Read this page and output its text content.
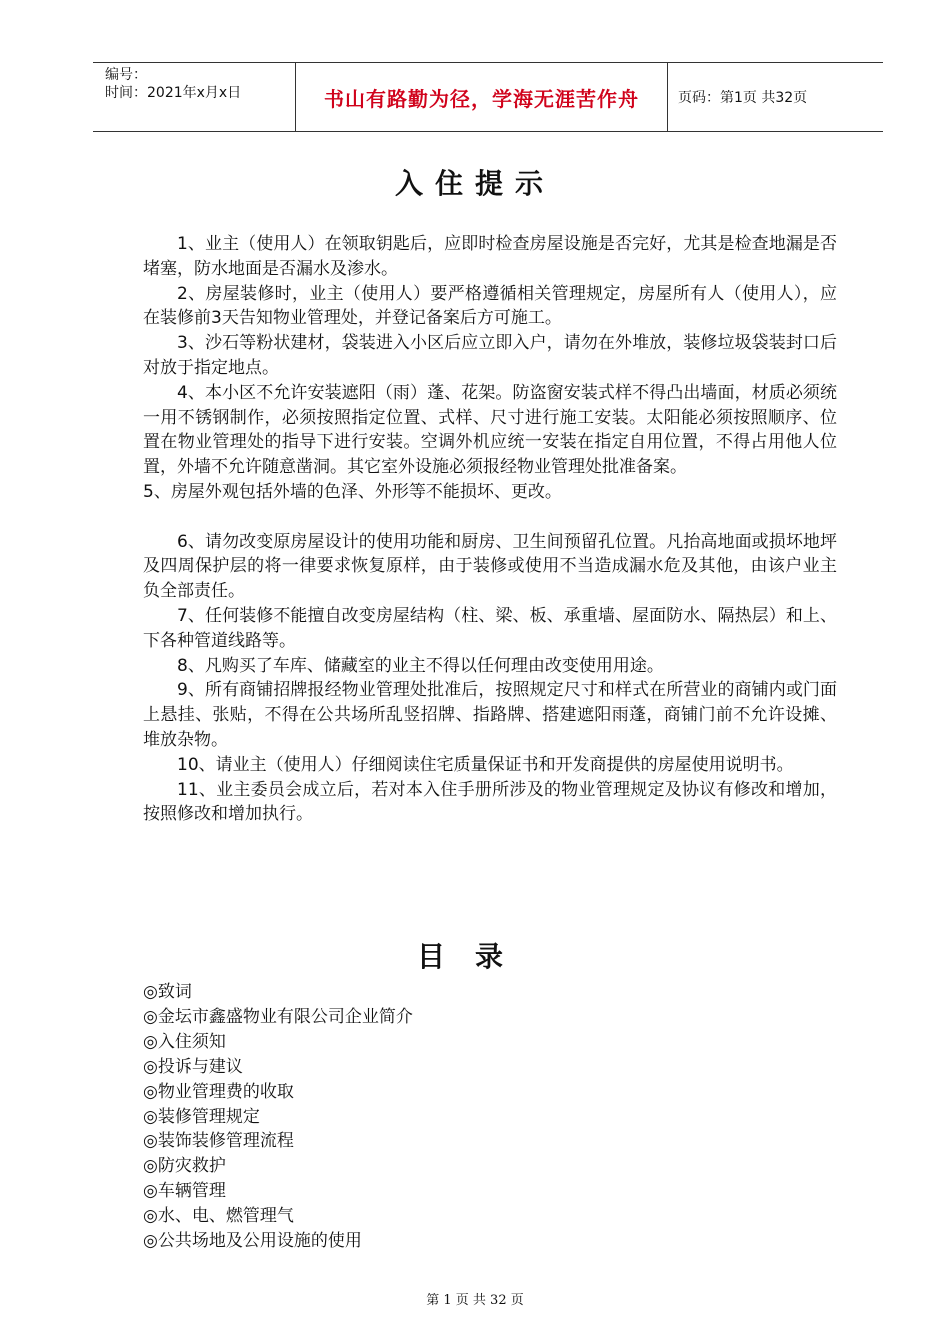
编号：
时间：2021年x月x日	书山有路勤为径，学海无涯苦作舟	页码：第1页 共32页
入住提示

1、业主（使用人）在领取钥匙后，应即时检查房屋设施是否完好，尤其是检查地漏是否堵塞，防水地面是否漏水及渗水。

2、房屋装修时，业主（使用人）要严格遵循相关管理规定，房屋所有人（使用人），应在装修前3天告知物业管理处，并登记备案后方可施工。

3、沙石等粉状建材，袋装进入小区后应立即入户，请勿在外堆放，装修垃圾袋装封口后对放于指定地点。

4、本小区不允许安装遮阳（雨）蓬、花架。防盗窗安装式样不得凸出墙面，材质必须统一用不锈钢制作，必须按照指定位置、式样、尺寸进行施工安装。太阳能必须按照顺序、位置在物业管理处的指导下进行安装。空调外机应统一安装在指定自用位置，不得占用他人位置，外墙不允许随意凿洞。其它室外设施必须报经物业管理处批准备案。

5、房屋外观包括外墙的色泽、外形等不能损坏、更改。

6、请勿改变原房屋设计的使用功能和厨房、卫生间预留孔位置。凡抬高地面或损坏地坪及四周保护层的将一律要求恢复原样，由于装修或使用不当造成漏水危及其他，由该户业主负全部责任。

7、任何装修不能擅自改变房屋结构（柱、梁、板、承重墙、屋面防水、隔热层）和上、下各种管道线路等。

8、凡购买了车库、储藏室的业主不得以任何理由改变使用用途。

9、所有商铺招牌报经物业管理处批准后，按照规定尺寸和样式在所营业的商铺内或门面上悬挂、张贴，不得在公共场所乱竖招牌、指路牌、搭建遮阳雨蓬，商铺门前不允许设摊、堆放杂物。

10、请业主（使用人）仔细阅读住宅质量保证书和开发商提供的房屋使用说明书。

11、业主委员会成立后，若对本入住手册所涉及的物业管理规定及协议有修改和增加，按照修改和增加执行。

目录
◎致词
◎金坛市鑫盛物业有限公司企业简介
◎入住须知
◎投诉与建议
◎物业管理费的收取
◎装修管理规定
◎装饰装修管理流程
◎防灾救护
◎车辆管理
◎水、电、燃管理气
◎公共场地及公用设施的使用
第 1 页 共 32 页
